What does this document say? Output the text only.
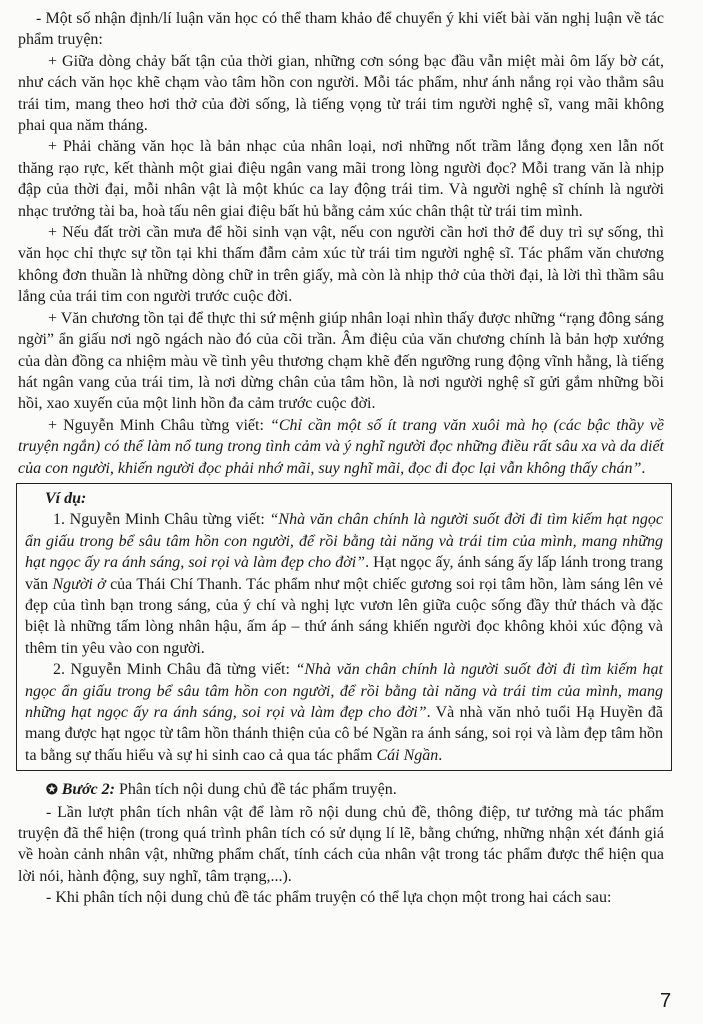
- Một số nhận định/lí luận văn học có thể tham khảo để chuyển ý khi viết bài văn nghị luận về tác phẩm truyện:

+ Giữa dòng chảy bất tận của thời gian, những cơn sóng bạc đầu vẫn miệt mài ôm lấy bờ cát, như cách văn học khẽ chạm vào tâm hồn con người. Mỗi tác phẩm, như ánh nắng rọi vào thẳm sâu trái tim, mang theo hơi thở của đời sống, là tiếng vọng từ trái tim người nghệ sĩ, vang mãi không phai qua năm tháng.

+ Phải chăng văn học là bản nhạc của nhân loại, nơi những nốt trầm lắng đọng xen lẫn nốt thăng rạo rực, kết thành một giai điệu ngân vang mãi trong lòng người đọc? Mỗi trang văn là nhịp đập của thời đại, mỗi nhân vật là một khúc ca lay động trái tim. Và người nghệ sĩ chính là người nhạc trưởng tài ba, hoà tấu nên giai điệu bất hủ bằng cảm xúc chân thật từ trái tim mình.

+ Nếu đất trời cần mưa để hồi sinh vạn vật, nếu con người cần hơi thở để duy trì sự sống, thì văn học chỉ thực sự tồn tại khi thấm đẫm cảm xúc từ trái tim người nghệ sĩ. Tác phẩm văn chương không đơn thuần là những dòng chữ in trên giấy, mà còn là nhịp thở của thời đại, là lời thì thầm sâu lắng của trái tim con người trước cuộc đời.

+ Văn chương tồn tại để thực thi sứ mệnh giúp nhân loại nhìn thấy được những “rạng đông sáng ngời” ẩn giấu nơi ngõ ngách nào đó của cõi trần. Âm điệu của văn chương chính là bản hợp xướng của dàn đồng ca nhiệm màu về tình yêu thương chạm khẽ đến ngưỡng rung động vĩnh hằng, là tiếng hát ngân vang của trái tim, là nơi dừng chân của tâm hồn, là nơi người nghệ sĩ gửi gắm những bồi hồi, xao xuyến của một linh hồn đa cảm trước cuộc đời.

+ Nguyễn Minh Châu từng viết: “Chỉ cần một số ít trang văn xuôi mà họ (các bậc thầy về truyện ngắn) có thể làm nổ tung trong tình cảm và ý nghĩ người đọc những điều rất sâu xa và da diết của con người, khiến người đọc phải nhớ mãi, suy nghĩ mãi, đọc đi đọc lại vẫn không thấy chán”.

Ví dụ:

1. Nguyễn Minh Châu từng viết: “Nhà văn chân chính là người suốt đời đi tìm kiếm hạt ngọc ẩn giấu trong bể sâu tâm hồn con người, để rồi bằng tài năng và trái tim của mình, mang những hạt ngọc ấy ra ánh sáng, soi rọi và làm đẹp cho đời”. Hạt ngọc ấy, ánh sáng ấy lấp lánh trong trang văn Người ở của Thái Chí Thanh. Tác phẩm như một chiếc gương soi rọi tâm hồn, làm sáng lên vẻ đẹp của tình bạn trong sáng, của ý chí và nghị lực vươn lên giữa cuộc sống đầy thử thách và đặc biệt là những tấm lòng nhân hậu, ấm áp – thứ ánh sáng khiến người đọc không khỏi xúc động và thêm tin yêu vào con người.

2. Nguyễn Minh Châu đã từng viết: “Nhà văn chân chính là người suốt đời đi tìm kiếm hạt ngọc ẩn giấu trong bể sâu tâm hồn con người, để rồi bằng tài năng và trái tim của mình, mang những hạt ngọc ấy ra ánh sáng, soi rọi và làm đẹp cho đời”. Và nhà văn nhỏ tuổi Hạ Huyền đã mang được hạt ngọc từ tâm hồn thánh thiện của cô bé Ngần ra ánh sáng, soi rọi và làm đẹp tâm hồn ta bằng sự thấu hiểu và sự hi sinh cao cả qua tác phẩm Cái Ngần.

✪ Bước 2: Phân tích nội dung chủ đề tác phẩm truyện.

- Lần lượt phân tích nhân vật để làm rõ nội dung chủ đề, thông điệp, tư tưởng mà tác phẩm truyện đã thể hiện (trong quá trình phân tích có sử dụng lí lẽ, bằng chứng, những nhận xét đánh giá về hoàn cảnh nhân vật, những phẩm chất, tính cách của nhân vật trong tác phẩm được thể hiện qua lời nói, hành động, suy nghĩ, tâm trạng,...).

- Khi phân tích nội dung chủ đề tác phẩm truyện có thể lựa chọn một trong hai cách sau:

7
